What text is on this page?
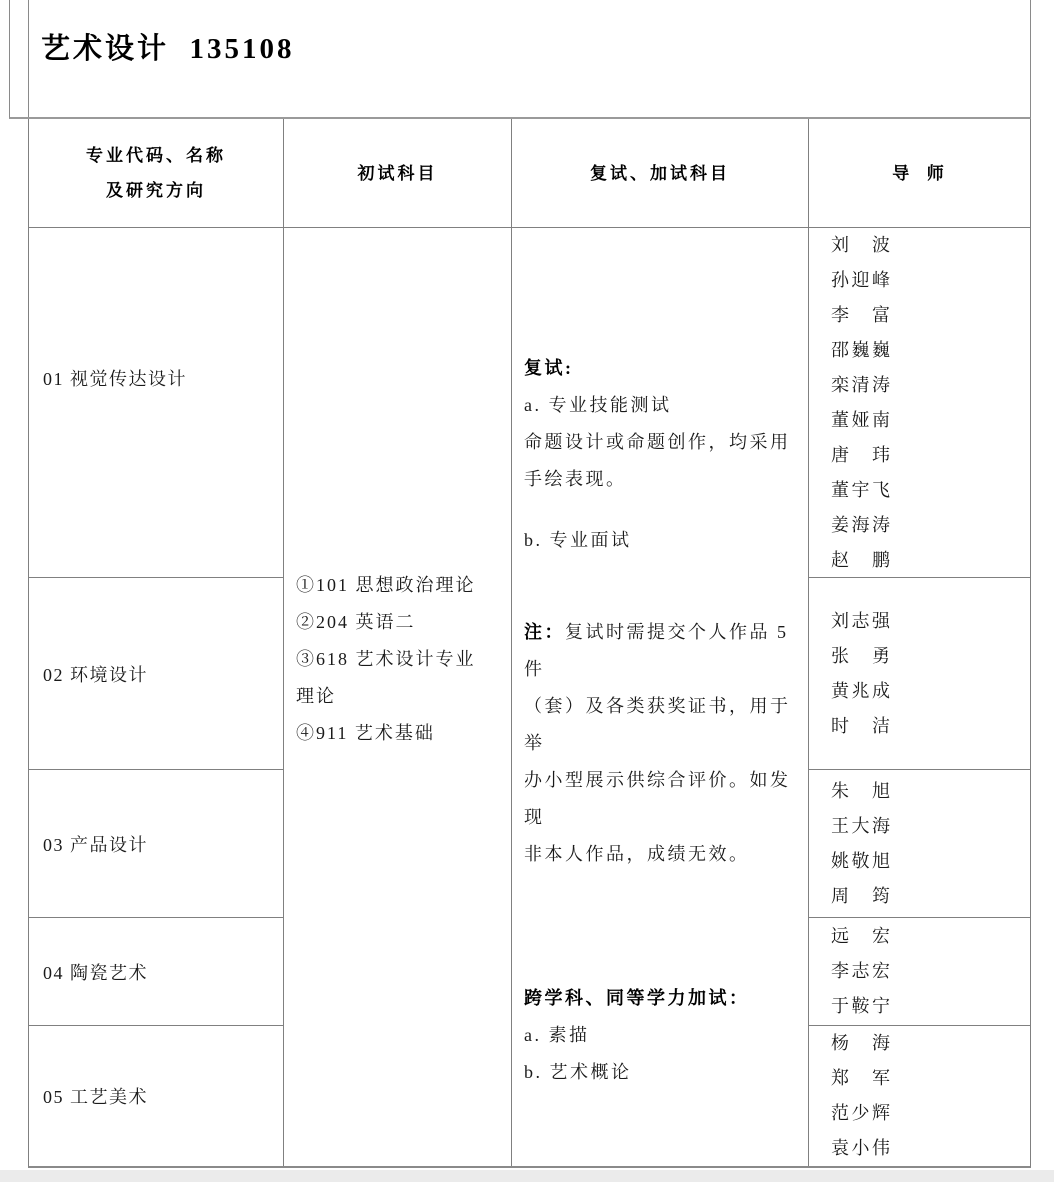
艺术设计  135108
专业代码、名称
及研究方向
初试科目	复试、加试科目	导  师
①101 思想政治理论
②204 英语二
③618 艺术设计专业
理论
④911 艺术基础
复试:
a. 专业技能测试
命题设计或命题创作，均采用
手绘表现。
b. 专业面试
注：复试时需提交个人作品 5 件
（套）及各类获奖证书，用于举
办小型展示供综合评价。如发现
非本人作品，成绩无效。
跨学科、同等学力加试：
a. 素描
b. 艺术概论
01 视觉传达设计
刘　波
孙迎峰
李　富
邵巍巍
栾清涛
董娅南
唐　玮
董宇飞
姜海涛
赵　鹏
02 环境设计
刘志强
张　勇
黄兆成
时　洁
03 产品设计
朱　旭
王大海
姚敬旭
周　筠
04 陶瓷艺术
远　宏
李志宏
于鞍宁
05 工艺美术
杨　海
郑　军
范少辉
袁小伟
